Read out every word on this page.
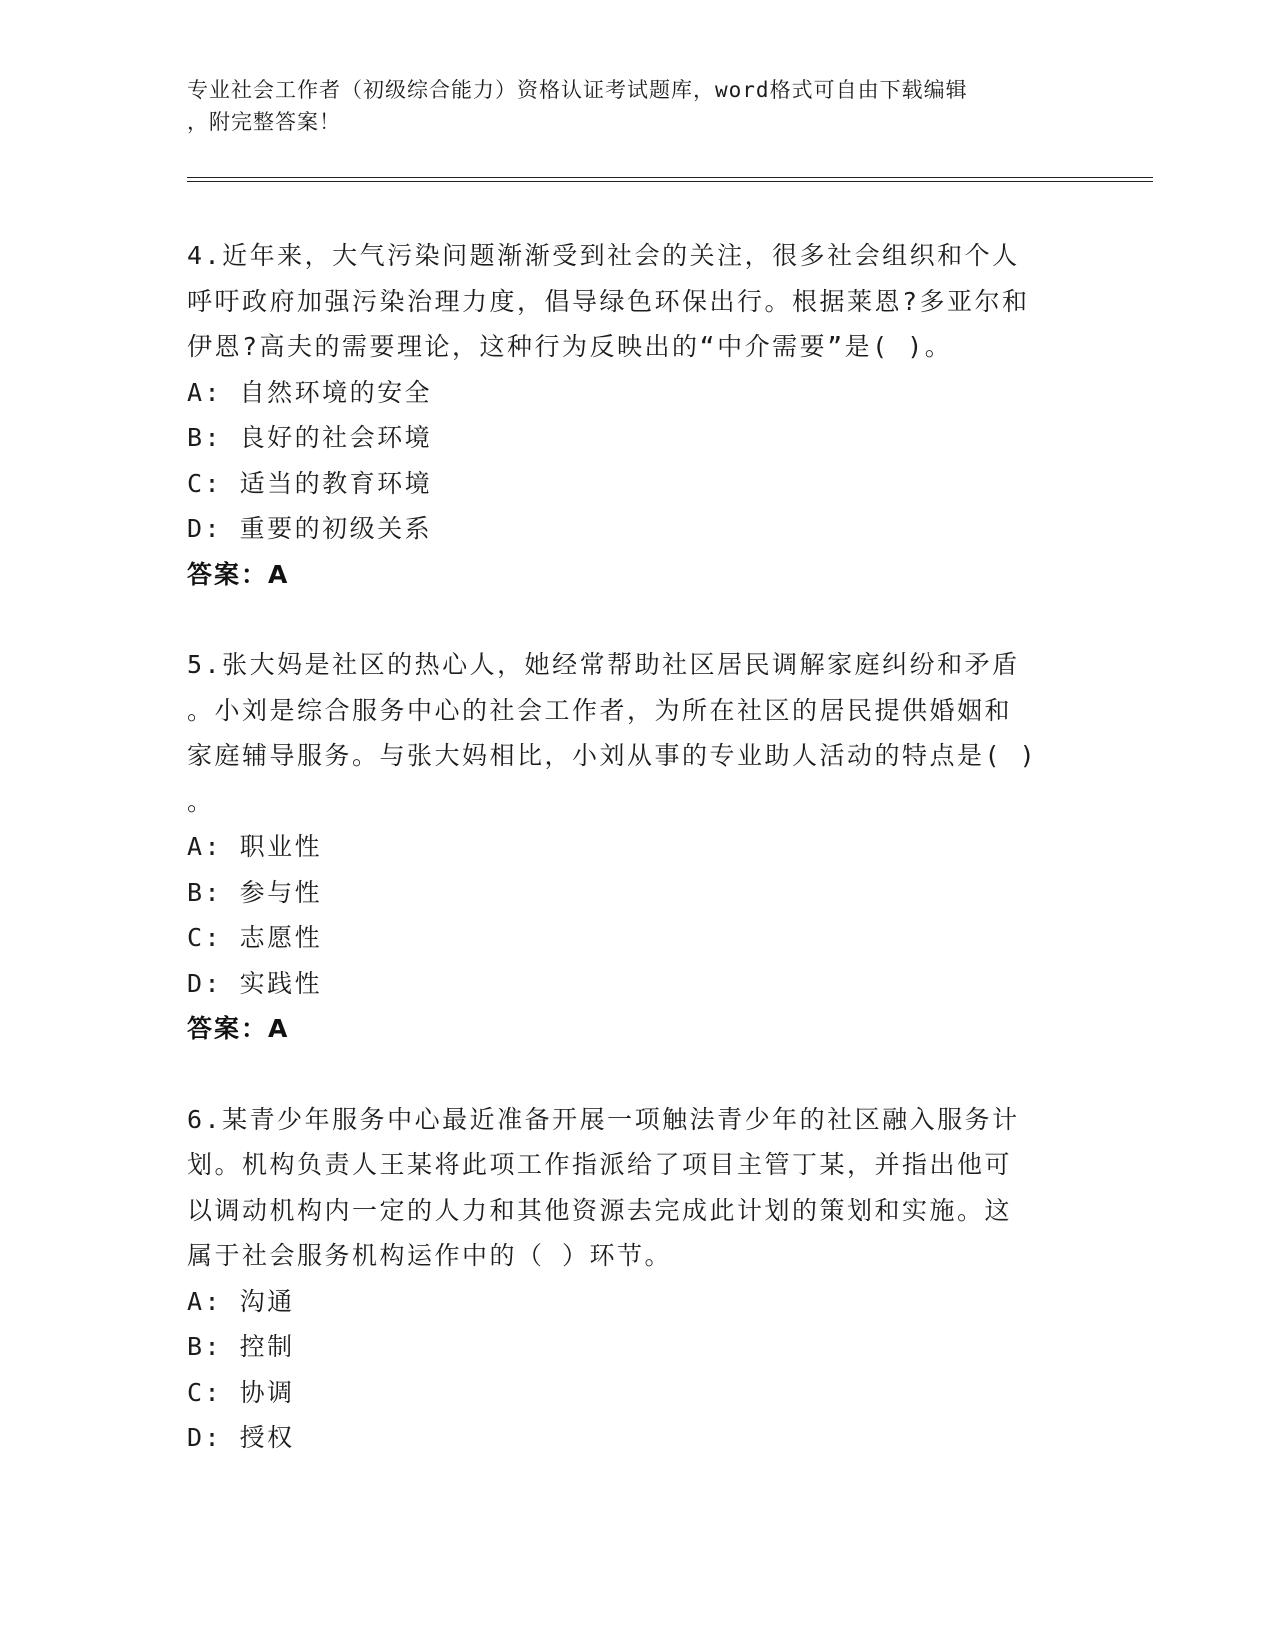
专业社会工作者（初级综合能力）资格认证考试题库，word格式可自由下载编辑
，附完整答案！
4.近年来，大气污染问题渐渐受到社会的关注，很多社会组织和个人
呼吁政府加强污染治理力度，倡导绿色环保出行。根据莱恩?多亚尔和
伊恩?高夫的需要理论，这种行为反映出的“中介需要”是( )。
A: 自然环境的安全
B: 良好的社会环境
C: 适当的教育环境
D: 重要的初级关系
答案：A
5.张大妈是社区的热心人，她经常帮助社区居民调解家庭纠纷和矛盾
。小刘是综合服务中心的社会工作者，为所在社区的居民提供婚姻和
家庭辅导服务。与张大妈相比，小刘从事的专业助人活动的特点是( )
。
A: 职业性
B: 参与性
C: 志愿性
D: 实践性
答案：A
6.某青少年服务中心最近准备开展一项触法青少年的社区融入服务计
划。机构负责人王某将此项工作指派给了项目主管丁某，并指出他可
以调动机构内一定的人力和其他资源去完成此计划的策划和实施。这
属于社会服务机构运作中的（ ）环节。
A: 沟通
B: 控制
C: 协调
D: 授权
